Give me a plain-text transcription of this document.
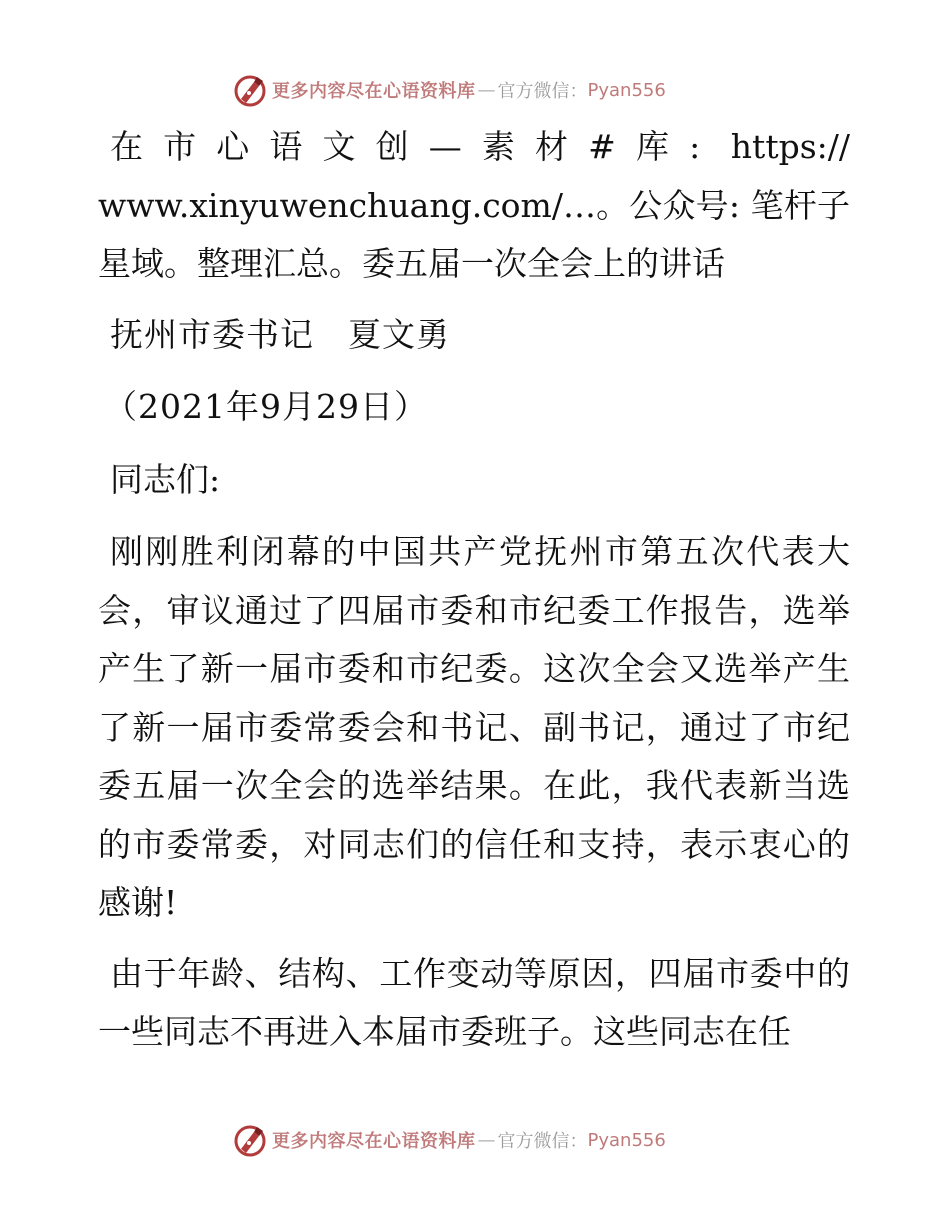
更多内容尽在心语资料库 — 官方微信： Pyan556

在市心语文创—素材#库: https:// www.xinyuwenchuang.com/…。公众号: 笔杆子星域。整理汇总。委五届一次全会上的讲话

抚州市委书记　夏文勇

（2021年9月29日）

同志们:

刚刚胜利闭幕的中国共产党抚州市第五次代表大会，审议通过了四届市委和市纪委工作报告，选举产生了新一届市委和市纪委。这次全会又选举产生了新一届市委常委会和书记、副书记，通过了市纪委五届一次全会的选举结果。在此，我代表新当选的市委常委，对同志们的信任和支持，表示衷心的感谢!

由于年龄、结构、工作变动等原因，四届市委中的一些同志不再进入本届市委班子。这些同志在任

更多内容尽在心语资料库 — 官方微信： Pyan556
